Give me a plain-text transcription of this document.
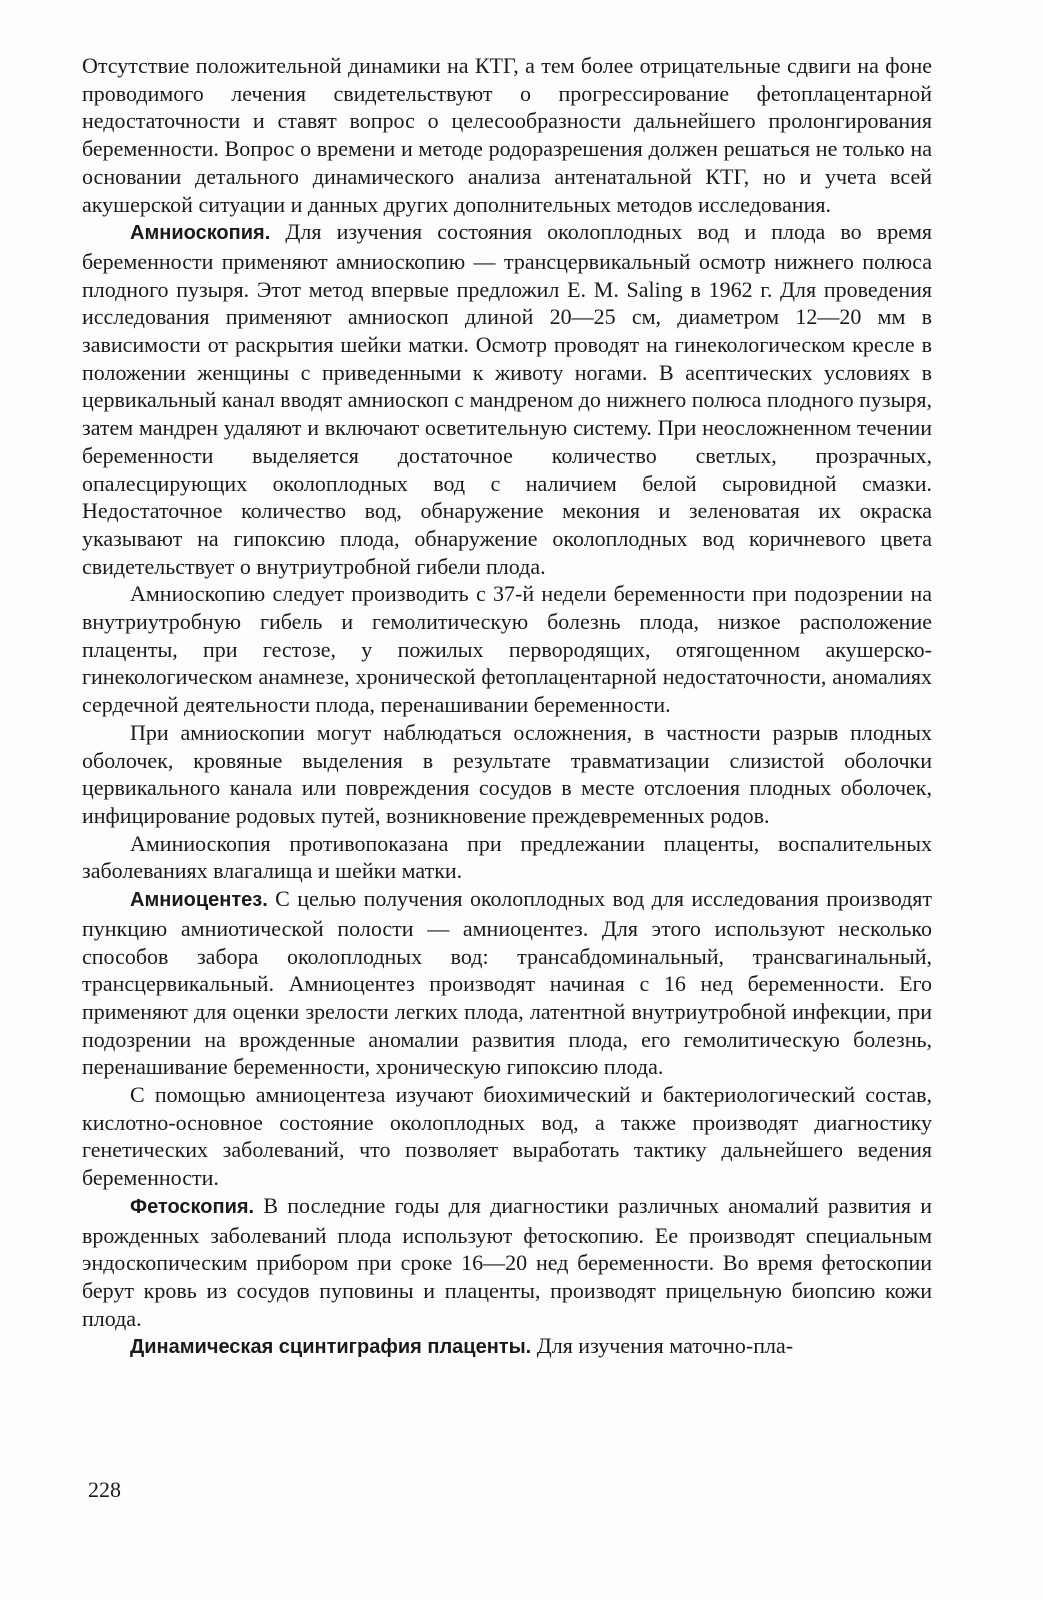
Отсутствие положительной динамики на КТГ, а тем более отрицательные сдвиги на фоне проводимого лечения свидетельствуют о прогрессирование фетоплацентарной недостаточности и ставят вопрос о целесообразности дальнейшего пролонгирования беременности. Вопрос о времени и методе родоразрешения должен решаться не только на основании детального динамического анализа антенатальной КТГ, но и учета всей акушерской ситуации и данных других дополнительных методов исследования.

Амниоскопия. Для изучения состояния околоплодных вод и плода во время беременности применяют амниоскопию — трансцервикальный осмотр нижнего полюса плодного пузыря. Этот метод впервые предложил Е. М. Saling в 1962 г. Для проведения исследования применяют амниоскоп длиной 20—25 см, диаметром 12—20 мм в зависимости от раскрытия шейки матки. Осмотр проводят на гинекологическом кресле в положении женщины с приведенными к животу ногами. В асептических условиях в цервикальный канал вводят амниоскоп с мандреном до нижнего полюса плодного пузыря, затем мандрен удаляют и включают осветительную систему. При неосложненном течении беременности выделяется достаточное количество светлых, прозрачных, опалесцирующих околоплодных вод с наличием белой сыровидной смазки. Недостаточное количество вод, обнаружение мекония и зеленоватая их окраска указывают на гипоксию плода, обнаружение околоплодных вод коричневого цвета свидетельствует о внутриутробной гибели плода.

Амниоскопию следует производить с 37-й недели беременности при подозрении на внутриутробную гибель и гемолитическую болезнь плода, низкое расположение плаценты, при гестозе, у пожилых первородящих, отягощенном акушерско-гинекологическом анамнезе, хронической фетоплацентарной недостаточности, аномалиях сердечной деятельности плода, перенашивании беременности.

При амниоскопии могут наблюдаться осложнения, в частности разрыв плодных оболочек, кровяные выделения в результате травматизации слизистой оболочки цервикального канала или повреждения сосудов в месте отслоения плодных оболочек, инфицирование родовых путей, возникновение преждевременных родов.

Аминиоскопия противопоказана при предлежании плаценты, воспалительных заболеваниях влагалища и шейки матки.

Амниоцентез. С целью получения околоплодных вод для исследования производят пункцию амниотической полости — амниоцентез. Для этого используют несколько способов забора околоплодных вод: трансабдоминальный, трансвагинальный, трансцервикальный. Амниоцентез производят начиная с 16 нед беременности. Его применяют для оценки зрелости легких плода, латентной внутриутробной инфекции, при подозрении на врожденные аномалии развития плода, его гемолитическую болезнь, перенашивание беременности, хроническую гипоксию плода.

С помощью амниоцентеза изучают биохимический и бактериологический состав, кислотно-основное состояние околоплодных вод, а также производят диагностику генетических заболеваний, что позволяет выработать тактику дальнейшего ведения беременности.

Фетоскопия. В последние годы для диагностики различных аномалий развития и врожденных заболеваний плода используют фетоскопию. Ее производят специальным эндоскопическим прибором при сроке 16—20 нед беременности. Во время фетоскопии берут кровь из сосудов пуповины и плаценты, производят прицельную биопсию кожи плода.

Динамическая сцинтиграфия плаценты. Для изучения маточно-пла-

228
